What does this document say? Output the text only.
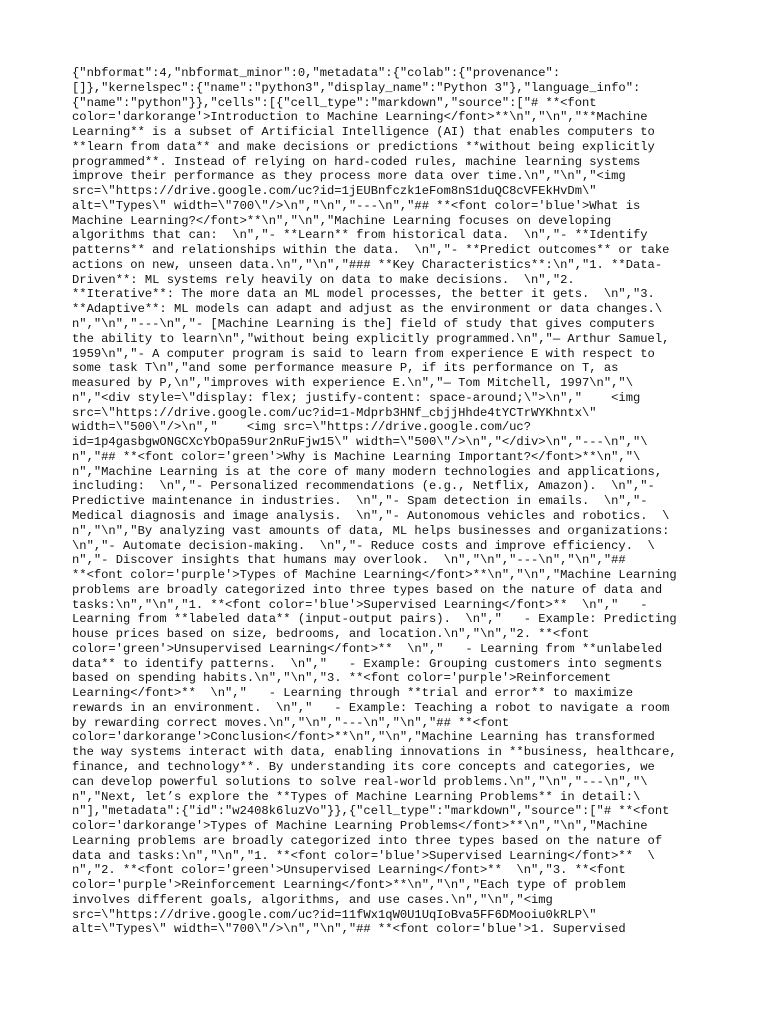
{"nbformat":4,"nbformat_minor":0,"metadata":{"colab":{"provenance":
[]},"kernelspec":{"name":"python3","display_name":"Python 3"},"language_info":
{"name":"python"}},"cells":[{"cell_type":"markdown","source":["# **<font
color='darkorange'>Introduction to Machine Learning</font>**\n","\n","**Machine
Learning** is a subset of Artificial Intelligence (AI) that enables computers to
**learn from data** and make decisions or predictions **without being explicitly
programmed**. Instead of relying on hard-coded rules, machine learning systems
improve their performance as they process more data over time.\n","\n","<img
src=\"https://drive.google.com/uc?id=1jEUBnfczk1eFom8nS1duQC8cVFEkHvDm\"
alt=\"Types\" width=\"700\"/>\n","\n","---\n","## **<font color='blue'>What is
Machine Learning?</font>**\n","\n","Machine Learning focuses on developing
algorithms that can:  \n","- **Learn** from historical data.  \n","- **Identify
patterns** and relationships within the data.  \n","- **Predict outcomes** or take
actions on new, unseen data.\n","\n","### **Key Characteristics**:\n","1. **Data-
Driven**: ML systems rely heavily on data to make decisions.  \n","2.
**Iterative**: The more data an ML model processes, the better it gets.  \n","3.
**Adaptive**: ML models can adapt and adjust as the environment or data changes.\
n","\n","---\n","- [Machine Learning is the] field of study that gives computers
the ability to learn\n","without being explicitly programmed.\n","— Arthur Samuel,
1959\n","- A computer program is said to learn from experience E with respect to
some task T\n","and some performance measure P, if its performance on T, as
measured by P,\n","improves with experience E.\n","— Tom Mitchell, 1997\n","\
n","<div style=\"display: flex; justify-content: space-around;\">\n","    <img
src=\"https://drive.google.com/uc?id=1-Mdprb3HNf_cbjjHhde4tYCTrWYKhntx\"
width=\"500\"/>\n","    <img src=\"https://drive.google.com/uc?
id=1p4gasbgwONGCXcYbOpa59ur2nRuFjw15\" width=\"500\"/>\n","</div>\n","---\n","\
n","## **<font color='green'>Why is Machine Learning Important?</font>**\n","\
n","Machine Learning is at the core of many modern technologies and applications,
including:  \n","- Personalized recommendations (e.g., Netflix, Amazon).  \n","-
Predictive maintenance in industries.  \n","- Spam detection in emails.  \n","-
Medical diagnosis and image analysis.  \n","- Autonomous vehicles and robotics.  \
n","\n","By analyzing vast amounts of data, ML helps businesses and organizations:
\n","- Automate decision-making.  \n","- Reduce costs and improve efficiency.  \
n","- Discover insights that humans may overlook.  \n","\n","---\n","\n","##
**<font color='purple'>Types of Machine Learning</font>**\n","\n","Machine Learning
problems are broadly categorized into three types based on the nature of data and
tasks:\n","\n","1. **<font color='blue'>Supervised Learning</font>**  \n","   -
Learning from **labeled data** (input-output pairs).  \n","   - Example: Predicting
house prices based on size, bedrooms, and location.\n","\n","2. **<font
color='green'>Unsupervised Learning</font>**  \n","   - Learning from **unlabeled
data** to identify patterns.  \n","   - Example: Grouping customers into segments
based on spending habits.\n","\n","3. **<font color='purple'>Reinforcement
Learning</font>**  \n","   - Learning through **trial and error** to maximize
rewards in an environment.  \n","   - Example: Teaching a robot to navigate a room
by rewarding correct moves.\n","\n","---\n","\n","## **<font
color='darkorange'>Conclusion</font>**\n","\n","Machine Learning has transformed
the way systems interact with data, enabling innovations in **business, healthcare,
finance, and technology**. By understanding its core concepts and categories, we
can develop powerful solutions to solve real-world problems.\n","\n","---\n","\
n","Next, let’s explore the **Types of Machine Learning Problems** in detail:\
n"],"metadata":{"id":"w2408k6luzVo"}},{"cell_type":"markdown","source":["# **<font
color='darkorange'>Types of Machine Learning Problems</font>**\n","\n","Machine
Learning problems are broadly categorized into three types based on the nature of
data and tasks:\n","\n","1. **<font color='blue'>Supervised Learning</font>**  \
n","2. **<font color='green'>Unsupervised Learning</font>**  \n","3. **<font
color='purple'>Reinforcement Learning</font>**\n","\n","Each type of problem
involves different goals, algorithms, and use cases.\n","\n","<img
src=\"https://drive.google.com/uc?id=11fWx1qW0U1UqIoBva5FF6DMooiu0kRLP\"
alt=\"Types\" width=\"700\"/>\n","\n","## **<font color='blue'>1. Supervised
